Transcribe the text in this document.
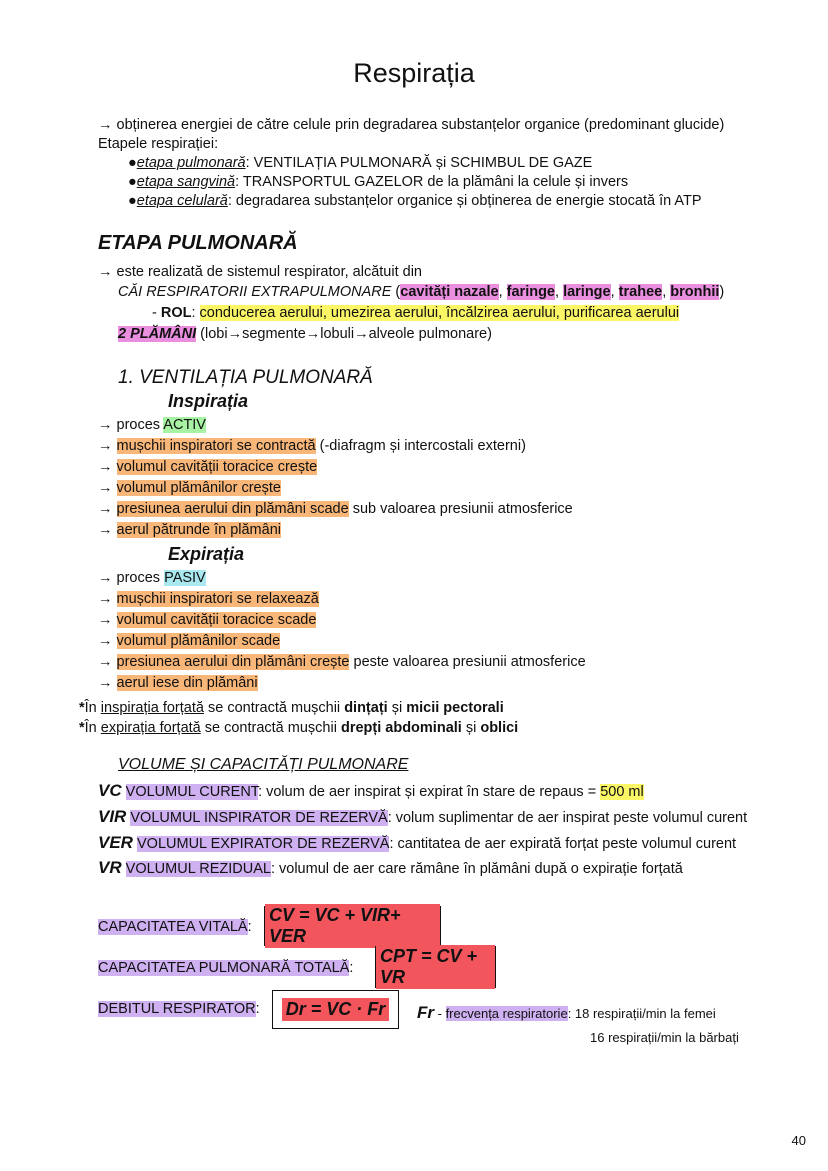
Respirația
→ obținerea energiei de către celule prin degradarea substanțelor organice (predominant glucide)
Etapele respirației:
●etapa pulmonară: VENTILAȚIA PULMONARĂ și SCHIMBUL DE GAZE
●etapa sangvină: TRANSPORTUL GAZELOR de la plămâni la celule și invers
●etapa celulară: degradarea substanțelor organice și obținerea de energie stocată în ATP
ETAPA PULMONARĂ
→ este realizată de sistemul respirator, alcătuit din
CĂI RESPIRATORII EXTRAPULMONARE (cavități nazale, faringe, laringe, trahee, bronhii)
- ROL: conducerea aerului, umezirea aerului, încălzirea aerului, purificarea aerului
2 PLĂMÂNI (lobi→segmente→lobuli→alveole pulmonare)
1. VENTILAȚIA PULMONARĂ
Inspirația
→ proces ACTIV
→ mușchii inspiratori se contractă (-diafragm și intercostali externi)
→ volumul cavității toracice crește
→ volumul plămânilor crește
→ presiunea aerului din plămâni scade sub valoarea presiunii atmosferice
→ aerul pătrunde în plămâni
Expirația
→ proces PASIV
→ mușchii inspiratori se relaxează
→ volumul cavității toracice scade
→ volumul plămânilor scade
→ presiunea aerului din plămâni crește peste valoarea presiunii atmosferice
→ aerul iese din plămâni
*În inspirația forțată se contractă mușchii dințați și micii pectorali
*În expirația forțată se contractă mușchii drepți abdominali și oblici
VOLUME ȘI CAPACITĂȚI PULMONARE
VC VOLUMUL CURENT: volum de aer inspirat și expirat în stare de repaus = 500 ml
VIR VOLUMUL INSPIRATOR DE REZERVĂ: volum suplimentar de aer inspirat peste volumul curent
VER VOLUMUL EXPIRATOR DE REZERVĂ: cantitatea de aer expirată forțat peste volumul curent
VR VOLUMUL REZIDUAL: volumul de aer care rămâne în plămâni după o expirație forțată
CAPACITATEA VITALĂ:
CV = VC + VIR+ VER
CAPACITATEA PULMONARĂ TOTALĂ:
CPT = CV + VR
DEBITUL RESPIRATOR: Dr = VC · Fr Fr - frecvența respiratorie: 18 respirații/min la femei
16 respirații/min la bărbați
40
